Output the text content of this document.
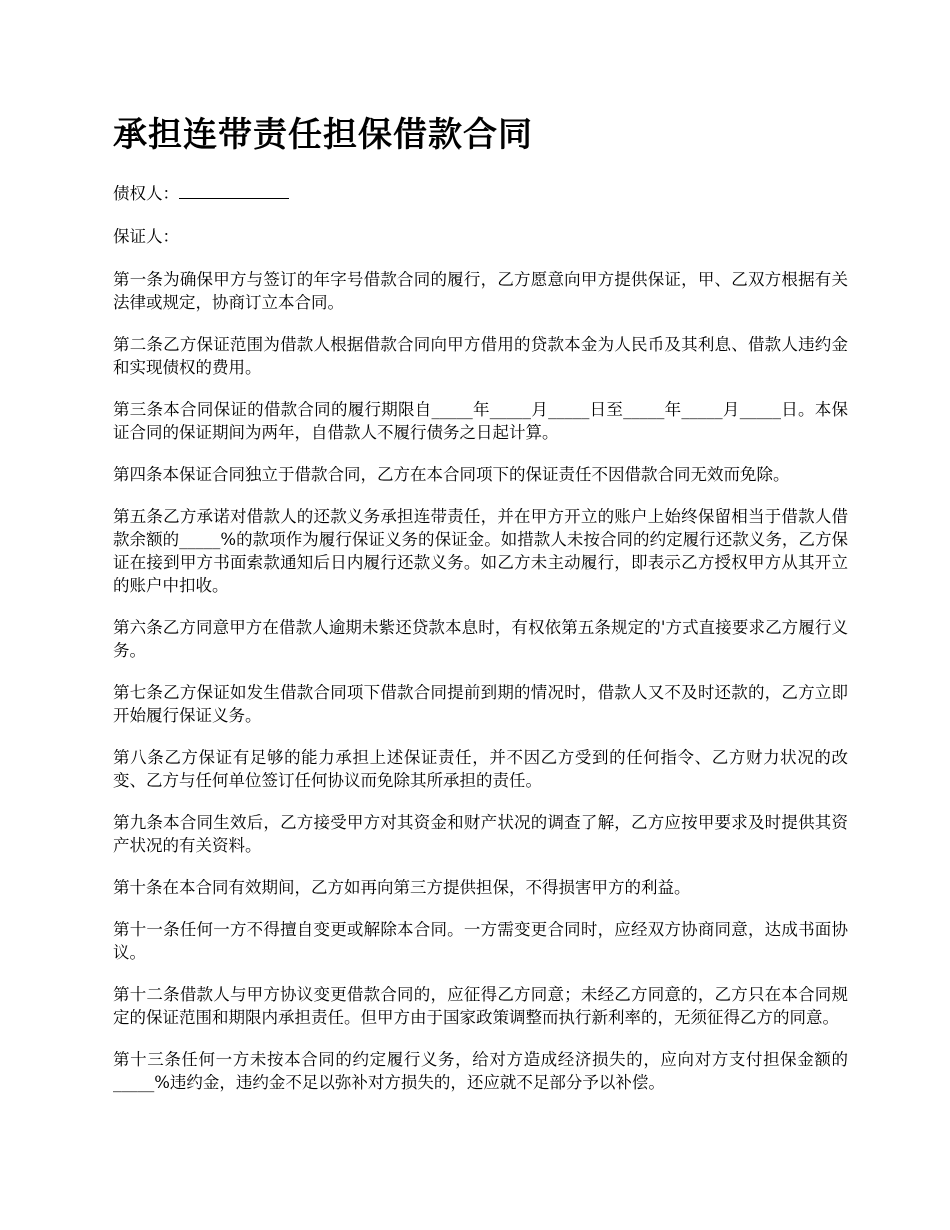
承担连带责任担保借款合同

债权人：

保证人：

第一条为确保甲方与签订的年字号借款合同的履行，乙方愿意向甲方提供保证，甲、乙双方根据有关法律或规定，协商订立本合同。

第二条乙方保证范围为借款人根据借款合同向甲方借用的贷款本金为人民币及其利息、借款人违约金和实现债权的费用。

第三条本合同保证的借款合同的履行期限自_____年_____月_____日至_____年_____月_____日。本保证合同的保证期间为两年，自借款人不履行债务之日起计算。

第四条本保证合同独立于借款合同，乙方在本合同项下的保证责任不因借款合同无效而免除。

第五条乙方承诺对借款人的还款义务承担连带责任，并在甲方开立的账户上始终保留相当于借款人借款余额的_____%的款项作为履行保证义务的保证金。如措款人未按合同的约定履行还款义务，乙方保证在接到甲方书面索款通知后日内履行还款义务。如乙方未主动履行，即表示乙方授权甲方从其开立的账户中扣收。

第六条乙方同意甲方在借款人逾期未紫还贷款本息时，有权依第五条规定的'方式直接要求乙方履行义务。

第七条乙方保证如发生借款合同项下借款合同提前到期的情况时，借款人又不及时还款的，乙方立即开始履行保证义务。

第八条乙方保证有足够的能力承担上述保证责任，并不因乙方受到的任何指令、乙方财力状况的改变、乙方与任何单位签订任何协议而免除其所承担的责任。

第九条本合同生效后，乙方接受甲方对其资金和财产状况的调查了解，乙方应按甲要求及时提供其资产状况的有关资料。

第十条在本合同有效期间，乙方如再向第三方提供担保，不得损害甲方的利益。

第十一条任何一方不得擅自变更或解除本合同。一方需变更合同时，应经双方协商同意，达成书面协议。

第十二条借款人与甲方协议变更借款合同的，应征得乙方同意；未经乙方同意的，乙方只在本合同规定的保证范围和期限内承担责任。但甲方由于国家政策调整而执行新利率的，无须征得乙方的同意。

第十三条任何一方未按本合同的约定履行义务，给对方造成经济损失的，应向对方支付担保金额的_____%违约金，违约金不足以弥补对方损失的，还应就不足部分予以补偿。
